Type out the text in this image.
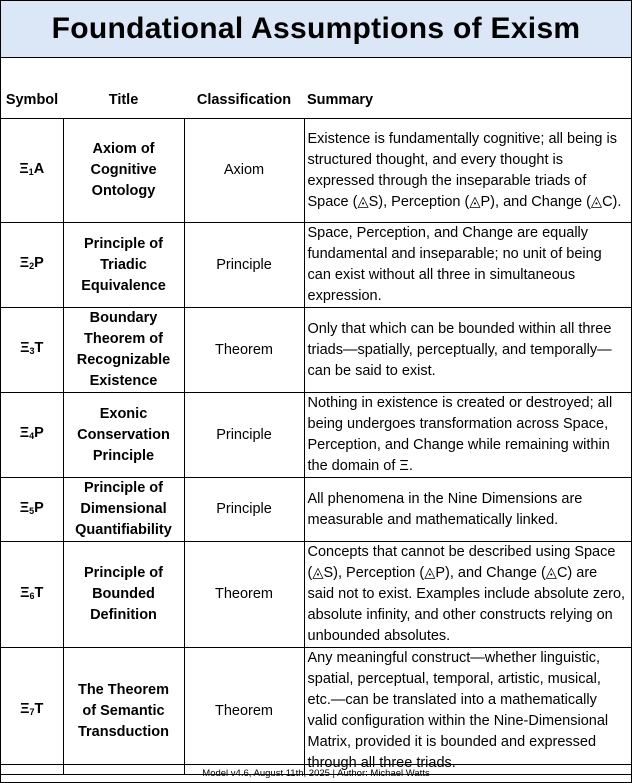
Foundational Assumptions of Exism
Symbol	Title	Classification	Summary
$\Xi_1A$	Axiom of Cognitive Ontology	Axiom	Existence is fundamentally cognitive; all being is structured thought, and every thought is expressed through the inseparable triads of Space (◬S), Perception (◬P), and Change (◬C).
$\Xi_2P$	Principle of Triadic Equivalence	Principle	Space, Perception, and Change are equally fundamental and inseparable; no unit of being can exist without all three in simultaneous expression.
$\Xi_3T$	Boundary Theorem of Recognizable Existence	Theorem	Only that which can be bounded within all three triads—spatially, perceptually, and temporally—can be said to exist.
$\Xi_4P$	Exonic Conservation Principle	Principle	Nothing in existence is created or destroyed; all being undergoes transformation across Space, Perception, and Change while remaining within the domain of Ξ.
$\Xi_5P$	Principle of Dimensional Quantifiability	Principle	All phenomena in the Nine Dimensions are measurable and mathematically linked.
$\Xi_6T$	Principle of Bounded Definition	Theorem	Concepts that cannot be described using Space (◬S), Perception (◬P), and Change (◬C) are said not to exist. Examples include absolute zero, absolute infinity, and other constructs relying on unbounded absolutes.
$\Xi_7T$	The Theorem of Semantic Transduction	Theorem	Any meaningful construct—whether linguistic, spatial, perceptual, temporal, artistic, musical, etc.—can be translated into a mathematically valid configuration within the Nine-Dimensional Matrix, provided it is bounded and expressed through all three triads.
Model v4.6, August 11th, 2025 | Author: Michael Watts
